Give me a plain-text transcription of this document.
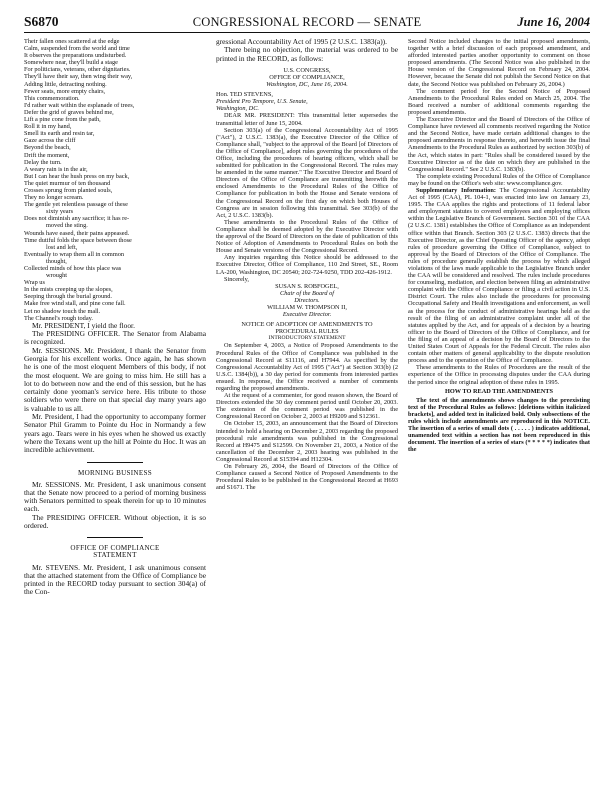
S6870	CONGRESSIONAL RECORD — SENATE	June 16, 2004
Their fallen ones scattered at the edge
Calm, suspended from the world and time
It observes the preparations undisturbed.
Somewhere near, they'll build a stage
For politicians, veterans, other dignitaries.
They'll have their say, then wing their way,
Adding little, detracting nothing.
Fewer seats, more empty chairs,
This commemoration.
I'd rather wait within the esplanade of trees,
Defer the grid of graves behind me,
Lift a pine cone from the path,
Roll it in my hand,
Smell its earth and resin tar,
Gaze across the cliff
Beyond the beach,
Drift the moment,
Delay the turn.
A weary rain is in the air,
But I can hear the hush press on my back,
The quiet murmur of ten thousand
Crosses sprung from planted souls,
They no longer scream.
The gentle yet relentless passage of these
sixty years
Does not diminish any sacrifice; it has re-
moved the sting.
Wounds have eased, their pains appeased.
Time dutiful folds the space between those
lost and left,
Eventually to wrap them all in common
thought,
Collected minds of how this place was
wrought
Wrap us
In the mists creeping up the slopes,
Seeping through the burial ground.
Make free wind stall, and pine cone fall.
Let no shadow touch the mall.
The Channel's rough today.

Mr. PRESIDENT, I yield the floor.

The PRESIDING OFFICER. The Senator from Alabama is recognized.

Mr. SESSIONS. Mr. President, I thank the Senator from Georgia for his excellent works. Once again, he has shown he is one of the most eloquent Members of this body, if not the most eloquent. We are going to miss him. He still has a lot to do between now and the end of this session, but he has certainly done yeoman's service here. His tribute to those soldiers who were there on that special day many years ago is valuable to us all.

Mr. President, I had the opportunity to accompany former Senator Phil Gramm to Pointe du Hoc in Normandy a few years ago. Tears were in his eyes when he showed us exactly where the Texans went up the hill at Pointe du Hoc. It was an incredible achievement.

MORNING BUSINESS

Mr. SESSIONS. Mr. President, I ask unanimous consent that the Senate now proceed to a period of morning business with Senators permitted to speak therein for up to 10 minutes each.

The PRESIDING OFFICER. Without objection, it is so ordered.

OFFICE OF COMPLIANCE
STATEMENT

Mr. STEVENS. Mr. President, I ask unanimous consent that the attached statement from the Office of Compliance be printed in the RECORD today pursuant to section 304(a) of the Con-

gressional Accountability Act of 1995 (2 U.S.C. 1383(a)).

There being no objection, the material was ordered to be printed in the RECORD, as follows:

U.S. CONGRESS,
OFFICE OF COMPLIANCE,
Washington, DC, June 16, 2004.
Hon. TED STEVENS,
President Pro Tempore, U.S. Senate,
Washington, DC.

DEAR MR. PRESIDENT: This transmittal letter supersedes the transmittal letter of June 15, 2004.

Section 303(a) of the Congressional Accountability Act of 1995 ("Act"), 2 U.S.C. 1383(a), the Executive Director of the Office of Compliance shall, "subject to the approval of the Board [of Directors of the Office of Compliance], adopt rules governing the procedures of the Office, including the procedures of hearing officers, which shall be submitted for publication in the Congressional Record. The rules may be amended in the same manner." The Executive Director and Board of Directors of the Office of Compliance are transmitting herewith the enclosed Amendments to the Procedural Rules of the Office of Compliance for publication in both the House and Senate versions of the Congressional Record on the first day on which both Houses of Congress are in session following this transmittal. See 303(b) of the Act, 2 U.S.C. 1383(b).

These amendments to the Procedural Rules of the Office of Compliance shall be deemed adopted by the Executive Director with the approval of the Board of Directors on the date of publication of this Notice of Adoption of Amendments to Procedural Rules on both the House and Senate versions of the Congressional Record.

Any inquiries regarding this Notice should be addressed to the Executive Director, Office of Compliance, 110 2nd Street, SE., Room LA-200, Washington, DC 20540; 202-724-9250, TDD 202-426-1912.

Sincerely,

SUSAN S. ROBFOGEL,
Chair of the Board of
Directors.
WILLIAM W. THOMPSON II,
Executive Director.
NOTICE OF ADOPTION OF AMENDMENTS TO
PROCEDURAL RULES
INTRODUCTORY STATEMENT

On September 4, 2003, a Notice of Proposed Amendments to the Procedural Rules of the Office of Compliance was published in the Congressional Record at S11116, and H7944. As specified by the Congressional Accountability Act of 1995 ("Act") at Section 303(b) (2 U.S.C. 1384(b)), a 30 day period for comments from interested parties ensued. In response, the Office received a number of comments regarding the proposed amendments.

At the request of a commenter, for good reason shown, the Board of Directors extended the 30 day comment period until October 20, 2003. The extension of the comment period was published in the Congressional Record on October 2, 2003 at H9209 and S12361.

On October 15, 2003, an announcement that the Board of Directors intended to hold a hearing on December 2, 2003 regarding the proposed procedural rule amendments was published in the Congressional Record at H9475 and S12599. On November 21, 2003, a Notice of the cancellation of the December 2, 2003 hearing was published in the Congressional Record at S15394 and H12304.

On February 26, 2004, the Board of Directors of the Office of Compliance caused a Second Notice of Proposed Amendments to the Procedural Rules to be published in the Congressional Record at H693 and S1671. The

Second Notice included changes to the initial proposed amendments, together with a brief discussion of each proposed amendment, and afforded interested parties another opportunity to comment on those proposed amendments. (The Second Notice was also published in the House version of the Congressional Record on February 24, 2004. However, because the Senate did not publish the Second Notice on that date, the Second Notice was published on February 26, 2004.)

The comment period for the Second Notice of Proposed Amendments to the Procedural Rules ended on March 25, 2004. The Board received a number of additional comments regarding the proposed amendments.

The Executive Director and the Board of Directors of the Office of Compliance have reviewed all comments received regarding the Notice and the Second Notice, have made certain additional changes to the proposed amendments in response thereto, and herewith issue the final Amendments to the Procedural Rules as authorized by section 303(b) of the Act, which states in part: "Rules shall be considered issued by the Executive Director as of the date on which they are published in the Congressional Record." See 2 U.S.C. 1383(b).

The complete existing Procedural Rules of the Office of Compliance may be found on the Office's web site: www.compliance.gov.

Supplementary Information: The Congressional Accountability Act of 1995 (CAA), PL 104-1, was enacted into law on January 23, 1995. The CAA applies the rights and protections of 11 federal labor and employment statutes to covered employees and employing offices within the Legislative Branch of Government. Section 301 of the CAA (2 U.S.C. 1381) establishes the Office of Compliance as an independent office within that Branch. Section 303 (2 U.S.C. 1383) directs that the Executive Director, as the Chief Operating Officer of the agency, adopt rules of procedure governing the Office of Compliance, subject to approval by the Board of Directors of the Office of Compliance. The rules of procedure generally establish the process by which alleged violations of the laws made applicable to the Legislative Branch under the CAA will be considered and resolved. The rules include procedures for counseling, mediation, and election between filing an administrative complaint with the Office of Compliance or filing a civil action in U.S. District Court. The rules also include the procedures for processing Occupational Safety and Health investigations and enforcement, as well as the process for the conduct of administrative hearings held as the result of the filing of an administrative complaint under all of the statutes applied by the Act, and for appeals of a decision by a hearing officer to the Board of Directors of the Office of Compliance, and for the filing of an appeal of a decision by the Board of Directors to the United States Court of Appeals for the Federal Circuit. The rules also contain other matters of general applicability to the dispute resolution process and to the operation of the Office of Compliance.

These amendments to the Rules of Procedures are the result of the experience of the Office in processing disputes under the CAA during the period since the original adoption of these rules in 1995.

HOW TO READ THE AMENDMENTS

The text of the amendments shows changes to the preexisting text of the Procedural Rules as follows: [deletions within italicized brackets], and added text in italicized bold. Only subsections of the rules which include amendments are reproduced in this NOTICE. The insertion of a series of small dots ( . . . . . ) indicates additional, unamended text within a section has not been reproduced in this document. The insertion of a series of stars (* * * * *) indicates that the
